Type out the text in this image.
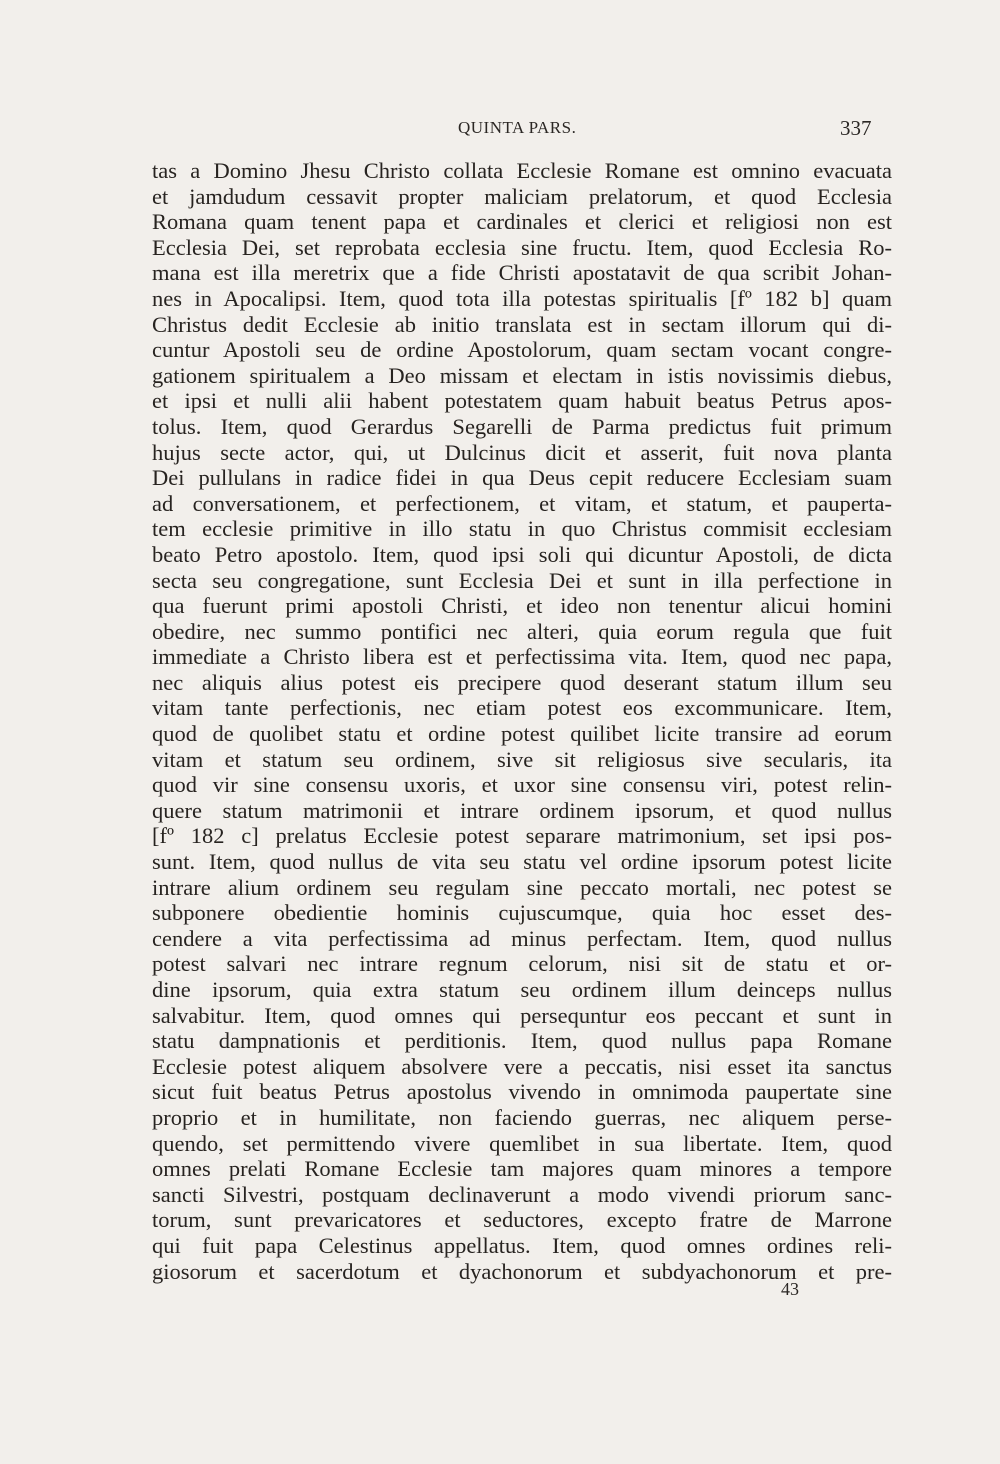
QUINTA PARS.	337
tas a Domino Jhesu Christo collata Ecclesie Romane est omnino evacuata
et jamdudum cessavit propter maliciam prelatorum, et quod Ecclesia
Romana quam tenent papa et cardinales et clerici et religiosi non est
Ecclesia Dei, set reprobata ecclesia sine fructu. Item, quod Ecclesia Ro-
mana est illa meretrix que a fide Christi apostatavit de qua scribit Johan-
nes in Apocalipsi. Item, quod tota illa potestas spiritualis [fº 182 b] quam
Christus dedit Ecclesie ab initio translata est in sectam illorum qui di-
cuntur Apostoli seu de ordine Apostolorum, quam sectam vocant congre-
gationem spiritualem a Deo missam et electam in istis novissimis diebus,
et ipsi et nulli alii habent potestatem quam habuit beatus Petrus apos-
tolus. Item, quod Gerardus Segarelli de Parma predictus fuit primum
hujus secte actor, qui, ut Dulcinus dicit et asserit, fuit nova planta
Dei pullulans in radice fidei in qua Deus cepit reducere Ecclesiam suam
ad conversationem, et perfectionem, et vitam, et statum, et pauperta-
tem ecclesie primitive in illo statu in quo Christus commisit ecclesiam
beato Petro apostolo. Item, quod ipsi soli qui dicuntur Apostoli, de dicta
secta seu congregatione, sunt Ecclesia Dei et sunt in illa perfectione in
qua fuerunt primi apostoli Christi, et ideo non tenentur alicui homini
obedire, nec summo pontifici nec alteri, quia eorum regula que fuit
immediate a Christo libera est et perfectissima vita. Item, quod nec papa,
nec aliquis alius potest eis precipere quod deserant statum illum seu
vitam tante perfectionis, nec etiam potest eos excommunicare. Item,
quod de quolibet statu et ordine potest quilibet licite transire ad eorum
vitam et statum seu ordinem, sive sit religiosus sive secularis, ita
quod vir sine consensu uxoris, et uxor sine consensu viri, potest relin-
quere statum matrimonii et intrare ordinem ipsorum, et quod nullus
[fº 182 c] prelatus Ecclesie potest separare matrimonium, set ipsi pos-
sunt. Item, quod nullus de vita seu statu vel ordine ipsorum potest licite
intrare alium ordinem seu regulam sine peccato mortali, nec potest se
subponere obedientie hominis cujuscumque, quia hoc esset des-
cendere a vita perfectissima ad minus perfectam. Item, quod nullus
potest salvari nec intrare regnum celorum, nisi sit de statu et or-
dine ipsorum, quia extra statum seu ordinem illum deinceps nullus
salvabitur. Item, quod omnes qui persequntur eos peccant et sunt in
statu dampnationis et perditionis. Item, quod nullus papa Romane
Ecclesie potest aliquem absolvere vere a peccatis, nisi esset ita sanctus
sicut fuit beatus Petrus apostolus vivendo in omnimoda paupertate sine
proprio et in humilitate, non faciendo guerras, nec aliquem perse-
quendo, set permittendo vivere quemlibet in sua libertate. Item, quod
omnes prelati Romane Ecclesie tam majores quam minores a tempore
sancti Silvestri, postquam declinaverunt a modo vivendi priorum sanc-
torum, sunt prevaricatores et seductores, excepto fratre de Marrone
qui fuit papa Celestinus appellatus. Item, quod omnes ordines reli-
giosorum et sacerdotum et dyachonorum et subdyachonorum et pre-
43
